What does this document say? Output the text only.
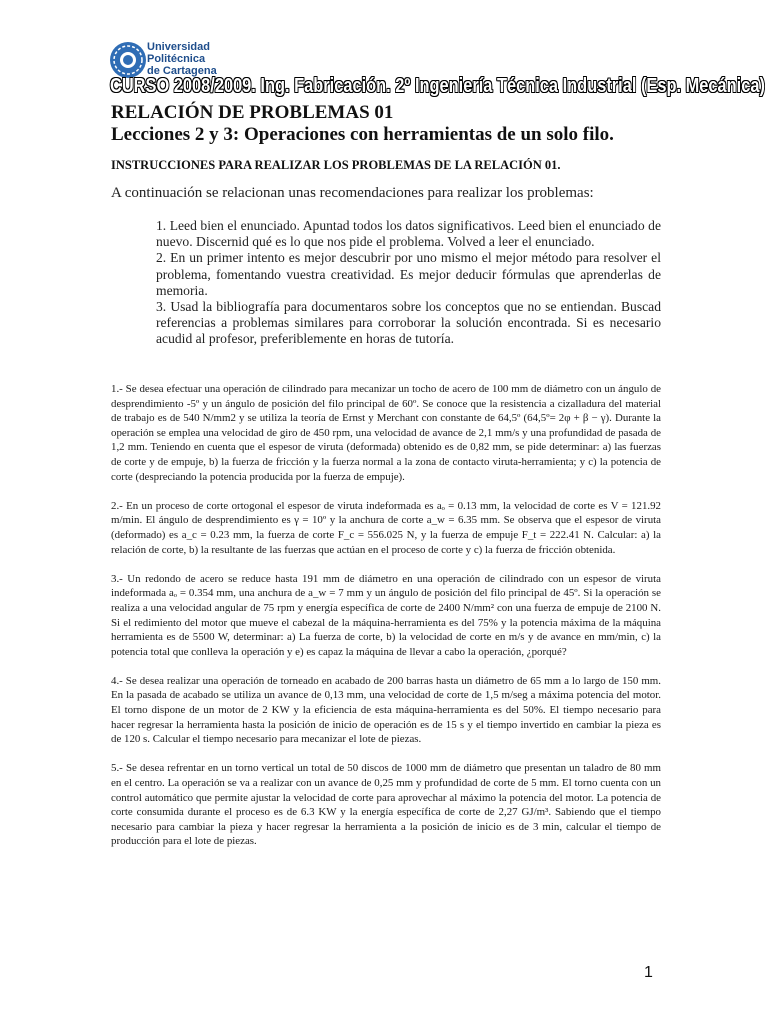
Universidad
Politécnica
de Cartagena
CURSO 2008/2009. Ing. Fabricación. 2º Ingeniería Técnica Industrial (Esp. Mecánica)
RELACIÓN DE PROBLEMAS 01
Lecciones 2 y 3: Operaciones con herramientas de un solo filo.
INSTRUCCIONES PARA REALIZAR LOS PROBLEMAS DE LA RELACIÓN 01.
A continuación se relacionan unas recomendaciones para realizar los problemas:

1. Leed bien el enunciado. Apuntad todos los datos significativos. Leed bien el enunciado de nuevo. Discernid qué es lo que nos pide el problema. Volved a leer el enunciado.

2. En un primer intento es mejor descubrir por uno mismo el mejor método para resolver el problema, fomentando vuestra creatividad. Es mejor deducir fórmulas que aprenderlas de memoria.

3. Usad la bibliografía para documentaros sobre los conceptos que no se entiendan. Buscad referencias a problemas similares para corroborar la solución encontrada. Si es necesario acudid al profesor, preferiblemente en horas de tutoría.

1.- Se desea efectuar una operación de cilindrado para mecanizar un tocho de acero de 100 mm de diámetro con un ángulo de desprendimiento -5º y un ángulo de posición del filo principal de 60º. Se conoce que la resistencia a cizalladura del material de trabajo es de 540 N/mm2 y se utiliza la teoría de Ernst y Merchant con constante de 64,5º (64,5º= 2φ + β − γ). Durante la operación se emplea una velocidad de giro de 450 rpm, una velocidad de avance de 2,1 mm/s y una profundidad de pasada de 1,2 mm. Teniendo en cuenta que el espesor de viruta (deformada) obtenido es de 0,82 mm, se pide determinar: a) las fuerzas de corte y de empuje, b) la fuerza de fricción y la fuerza normal a la zona de contacto viruta-herramienta; y c) la potencia de corte (despreciando la potencia producida por la fuerza de empuje).

2.- En un proceso de corte ortogonal el espesor de viruta indeformada es aₒ = 0.13 mm, la velocidad de corte es V = 121.92 m/min. El ángulo de desprendimiento es γ = 10º y la anchura de corte a_w = 6.35 mm. Se observa que el espesor de viruta (deformado) es a_c = 0.23 mm, la fuerza de corte F_c = 556.025 N, y la fuerza de empuje F_t = 222.41 N. Calcular: a) la relación de corte, b) la resultante de las fuerzas que actúan en el proceso de corte y c) la fuerza de fricción obtenida.

3.- Un redondo de acero se reduce hasta 191 mm de diámetro en una operación de cilindrado con un espesor de viruta indeformada aₒ = 0.354 mm, una anchura de a_w = 7 mm y un ángulo de posición del filo principal de 45º. Si la operación se realiza a una velocidad angular de 75 rpm y energía específica de corte de 2400 N/mm² con una fuerza de empuje de 2100 N. Si el redimiento del motor que mueve el cabezal de la máquina-herramienta es del 75% y la potencia máxima de la máquina herramienta es de 5500 W, determinar: a) La fuerza de corte, b) la velocidad de corte en m/s y de avance en mm/min, c) la potencia total que conlleva la operación y e) es capaz la máquina de llevar a cabo la operación, ¿porqué?

4.- Se desea realizar una operación de torneado en acabado de 200 barras hasta un diámetro de 65 mm a lo largo de 150 mm. En la pasada de acabado se utiliza un avance de 0,13 mm, una velocidad de corte de 1,5 m/seg a máxima potencia del motor. El torno dispone de un motor de 2 KW y la eficiencia de esta máquina-herramienta es del 50%. El tiempo necesario para hacer regresar la herramienta hasta la posición de inicio de operación es de 15 s y el tiempo invertido en cambiar la pieza es de 120 s. Calcular el tiempo necesario para mecanizar el lote de piezas.

5.- Se desea refrentar en un torno vertical un total de 50 discos de 1000 mm de diámetro que presentan un taladro de 80 mm en el centro. La operación se va a realizar con un avance de 0,25 mm y profundidad de corte de 5 mm. El torno cuenta con un control automático que permite ajustar la velocidad de corte para aprovechar al máximo la potencia del motor. La potencia de corte consumida durante el proceso es de 6.3 KW y la energía específica de corte de 2,27 GJ/m³. Sabiendo que el tiempo necesario para cambiar la pieza y hacer regresar la herramienta a la posición de inicio es de 3 min, calcular el tiempo de producción para el lote de piezas.

1
